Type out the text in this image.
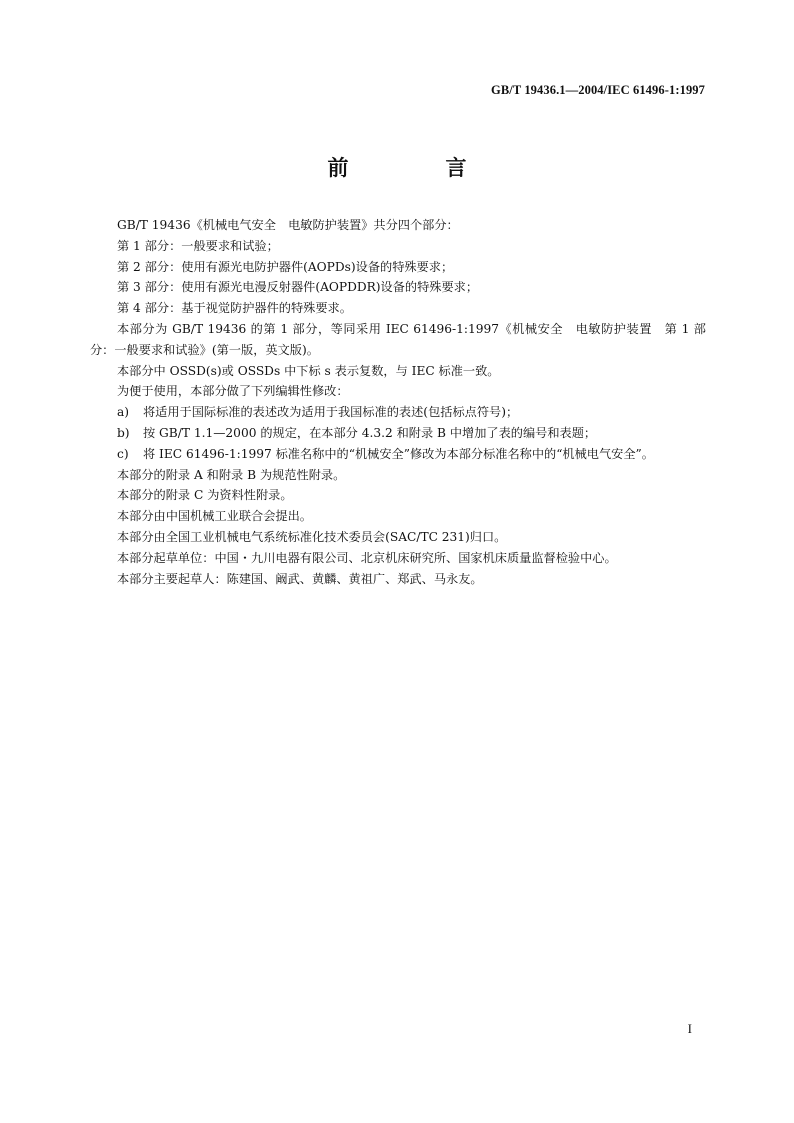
GB/T 19436.1—2004/IEC 61496-1:1997
前　言

GB/T 19436《机械电气安全　电敏防护装置》共分四个部分：

第 1 部分：一般要求和试验；

第 2 部分：使用有源光电防护器件(AOPDs)设备的特殊要求；

第 3 部分：使用有源光电漫反射器件(AOPDDR)设备的特殊要求；

第 4 部分：基于视觉防护器件的特殊要求。

本部分为 GB/T 19436 的第 1 部分，等同采用 IEC 61496-1:1997《机械安全　电敏防护装置　第 1 部分：一般要求和试验》(第一版，英文版)。

本部分中 OSSD(s)或 OSSDs 中下标 s 表示复数，与 IEC 标准一致。

为便于使用，本部分做了下列编辑性修改：

a) 将适用于国际标准的表述改为适用于我国标准的表述(包括标点符号)；

b) 按 GB/T 1.1—2000 的规定，在本部分 4.3.2 和附录 B 中增加了表的编号和表题；

c) 将 IEC 61496-1:1997 标准名称中的“机械安全”修改为本部分标准名称中的“机械电气安全”。

本部分的附录 A 和附录 B 为规范性附录。

本部分的附录 C 为资料性附录。

本部分由中国机械工业联合会提出。

本部分由全国工业机械电气系统标准化技术委员会(SAC/TC 231)归口。

本部分起草单位：中国・九川电器有限公司、北京机床研究所、国家机床质量监督检验中心。

本部分主要起草人：陈建国、阚武、黄麟、黄祖广、郑武、马永友。

I
